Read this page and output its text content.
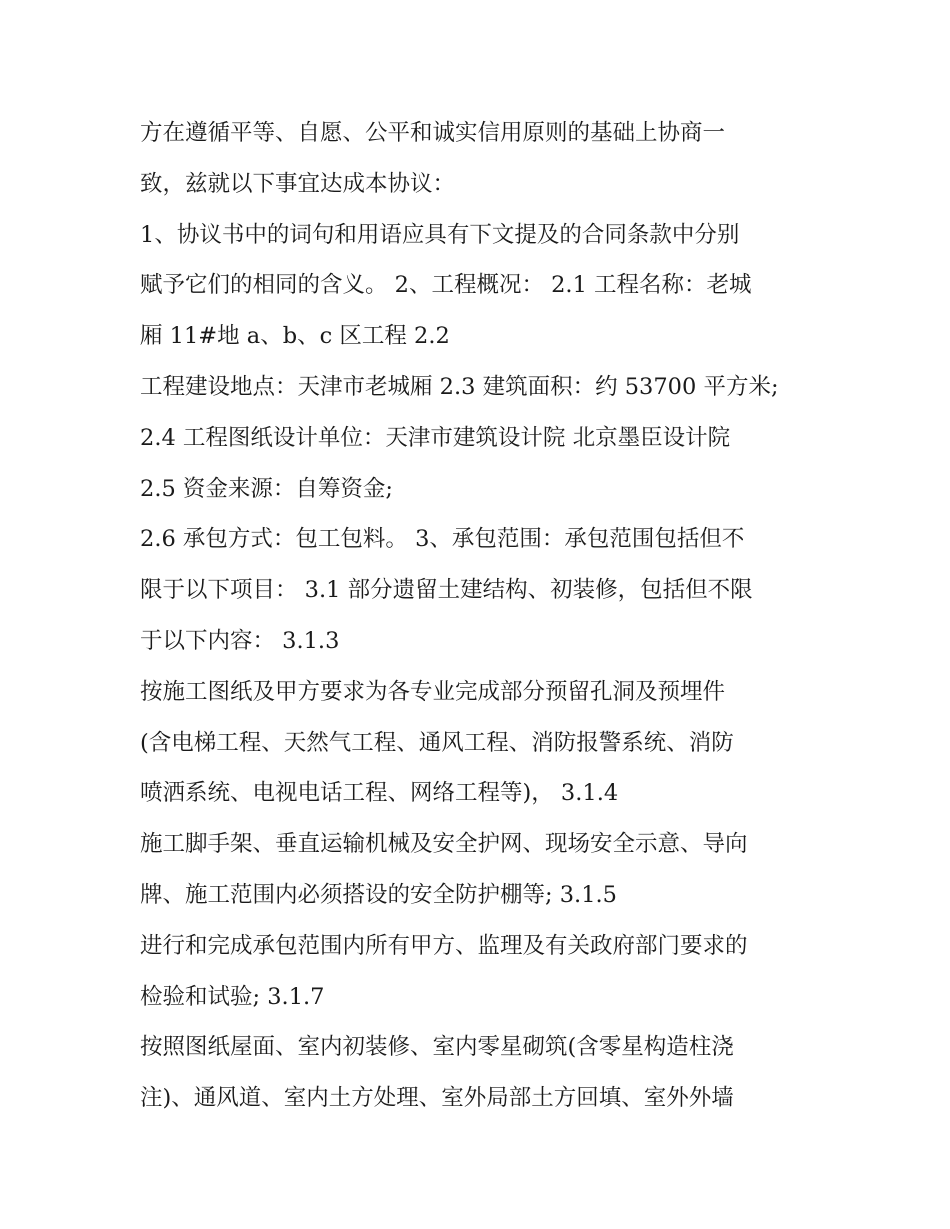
方在遵循平等、自愿、公平和诚实信用原则的基础上协商一
致，兹就以下事宜达成本协议：
1、协议书中的词句和用语应具有下文提及的合同条款中分别
赋予它们的相同的含义。 2、工程概况： 2.1 工程名称：老城
厢 11#地 a、b、c 区工程 2.2
工程建设地点：天津市老城厢 2.3 建筑面积：约 53700 平方米;
2.4 工程图纸设计单位：天津市建筑设计院 北京墨臣设计院
2.5 资金来源：自筹资金;
2.6 承包方式：包工包料。 3、承包范围：承包范围包括但不
限于以下项目： 3.1 部分遗留土建结构、初装修，包括但不限
于以下内容： 3.1.3
按施工图纸及甲方要求为各专业完成部分预留孔洞及预埋件
(含电梯工程、天然气工程、通风工程、消防报警系统、消防
喷洒系统、电视电话工程、网络工程等)， 3.1.4
施工脚手架、垂直运输机械及安全护网、现场安全示意、导向
牌、施工范围内必须搭设的安全防护棚等; 3.1.5
进行和完成承包范围内所有甲方、监理及有关政府部门要求的
检验和试验; 3.1.7
按照图纸屋面、室内初装修、室内零星砌筑(含零星构造柱浇
注)、通风道、室内土方处理、室外局部土方回填、室外外墙
